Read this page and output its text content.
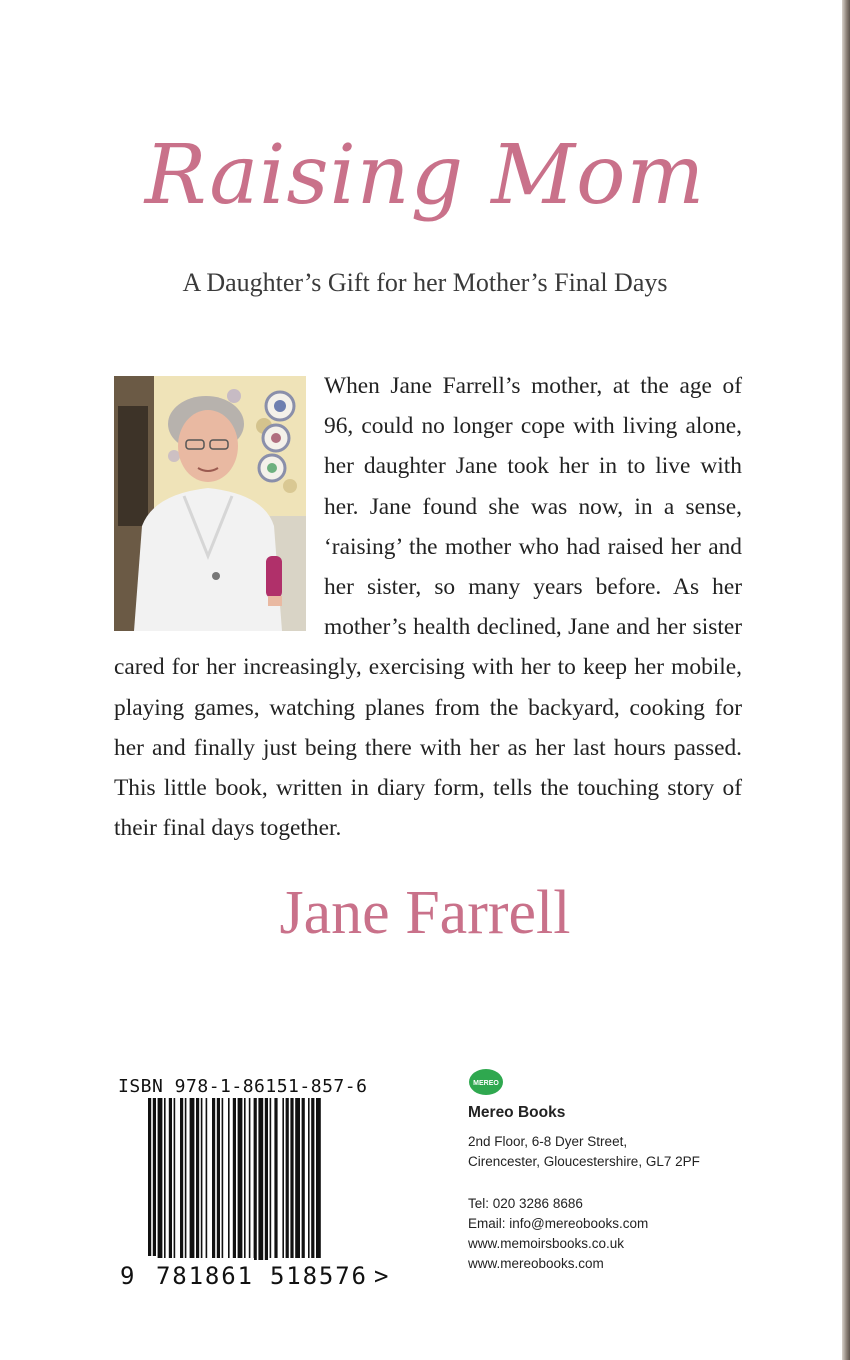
Raising Mom
A Daughter’s Gift for her Mother’s Final Days

When Jane Farrell’s mother, at the age of 96, could no longer cope with living alone, her daughter Jane took her in to live with her. Jane found she was now, in a sense, ‘raising’ the mother who had raised her and her sister, so many years before. As her mother’s health declined, Jane and her sister cared for her increasingly, exercising with her to keep her mobile, playing games, watching planes from the backyard, cooking for her and finally just being there with her as her last hours passed. This little book, written in diary form, tells the touching story of their final days together.

Jane Farrell
ISBN 978-1-86151-857-6
9 781861 518576 >
MEREO
Mereo Books
2nd Floor, 6-8 Dyer Street,
Cirencester, Gloucestershire, GL7 2PF
Tel: 020 3286 8686
Email: info@mereobooks.com
www.memoirsbooks.co.uk
www.mereobooks.com
